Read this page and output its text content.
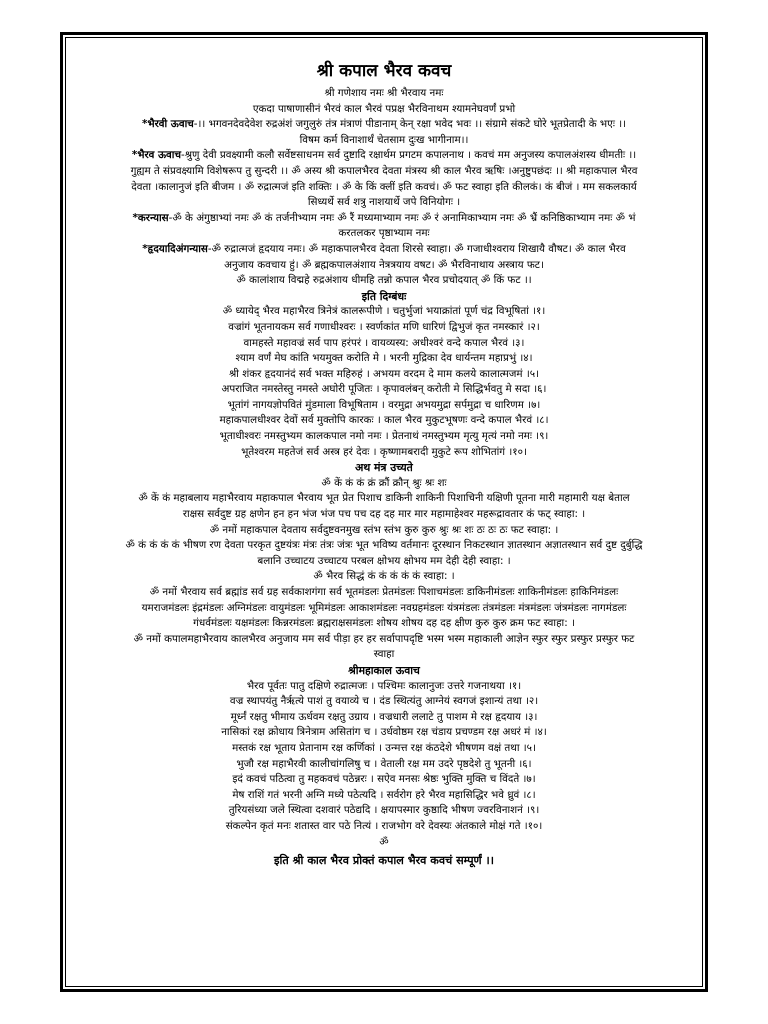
श्री कपाल भैरव कवच
श्री गणेशाय नमः श्री भैरवाय नमः
एकदा पाषाणासीनं भैरवं काल भैरवं पप्रक्ष भैरविनाथम श्यामनेघवर्णं प्रभो
*भैरवी ऊवाच-।। भगवनदेवदेवेश रुद्रअंशं जगुलुरुं तंत्र मंत्राणं पीडानाम् केन् रक्षा भवेद भवः ।। संग्रामे संकटे घोरे भूतप्रेतादी के भएः ।।
विषम कर्म विनाशार्थं चेतसाम दुःख भागीनाम।।
*भैरव ऊवाच-श्रुणु देवी प्रवक्ष्यामी कलौ सर्वेष्टसाधनम सर्व दुष्टादि रक्षार्थम प्रगटम कपालनाथ । कवचं मम अनुजस्य कपालअंशस्य धीमतीः ।।
गुह्यम ते संप्रवक्ष्यामि विशेषरूप तु सुन्दरी ।। ॐ अस्य श्री कपालभैरव देवता मंत्रस्य श्री काल भैरव ऋषिः ।अनुष्टुपछंदः ।। श्री महाकपाल भैरव
देवता ।कालानुजं इति बीजम । ॐ रुद्रात्मजं इति शक्तिः । ॐ के किं क्लीं इति कवचं। ॐ फट स्वाहा इति कीलकं। कं बीजं । मम सकलकार्य
सिध्यर्थे सर्व शत्रु नाशयार्थे जपे विनियोगः ।
*करन्यास-ॐ के अंगुष्ठाभ्यां नमः ॐ कं तर्जनीभ्याम नमः ॐ रैं मध्यमाभ्याम नमः ॐ रं अनामिकाभ्याम नमः ॐ भ्रैं कनिष्ठिकाभ्याम नमः ॐ भं
करतलकर पृष्ठाभ्याम नमः
*हृदयादिअंगन्यास-ॐ रुद्रात्मजं हृदयाय नमः। ॐ महाकपालभैरव देवता शिरसे स्वाहा। ॐ गजाधीश्वराय शिखायै वौषट। ॐ काल भैरव
अनुजाय कवचाय हुं। ॐ ब्रह्मकपालअंशाय नेत्रत्रयाय वषट। ॐ भैरविनाथाय अस्त्राय फट।
ॐ कालांशाय विद्महे रुद्रअंशाय धीमहि तन्नो कपाल भैरव प्रचोदयात् ॐ किं फट ।।
इति दिग्बंधः
ॐ ध्यायेद् भैरव महाभैरव त्रिनेत्रं कालरूपीणे । चतुर्भुजां भयाक्रांतां पूर्ण चंद्र विभूषितां ।१।
वज्रांगं भूतनायकम सर्व गणाधीश्वरः । स्वर्णकांत मणि धारिणं द्विभुजं कृत नमस्कारं ।२।
वामहस्ते महावज्रं सर्व पाप हरंपरं । वायव्यस्य: अधीश्वरं वन्दे कपाल भैरवं ।३।
श्याम वर्णं मेघ कांति भयमुक्त करोति मे । भरनी मुद्रिका देव धार्यन्तम महाप्रभुं ।४।
श्री शंकर हृदयानंदं सर्व भक्त महिरुहं । अभयम वरदम दे माम कलये कालात्मजमं ।५।
अपराजित नमस्तेस्तु नमस्ते अघोरी पूजितः । कृपावलंबन् करोती मे सिद्धिर्भवतु मे सदा ।६।
भूतांगं नागयज्ञोपवितं मुंडमाला विभूषिताम । वरमुद्रा अभयमुद्रा सर्पमुद्रा च धारिणम ।७।
महाकपालधीश्वर देवों सर्व मुक्तोपि कारकः । काल भैरव मुकुटभूषणः वन्दे कपाल भैरवं ।८।
भूताधीश्वरः नमस्तुभ्यम कालकपाल नमो नमः । प्रेतनाथं नमस्तुभ्यम मृत्यु मृत्यं नमो नमः ।९।
भूतेश्वरम महतेजं सर्व अस्त्र हरं देवः । कृष्णामबरादी मुकुटे रूप शोभितांगं ।१०।
अथ मंत्र उच्यते
ॐ कें कं कं क्रं क्रौं क्रौन् श्रुः श्रः शः
ॐ कें कं महाबलाय महाभैरवाय महाकपाल भैरवाय भूत प्रेत पिशाच डाकिनी शाकिनी पिशाचिनी यक्षिणी पूतना मारी महामारी यक्ष बेताल
राक्षस सर्वदुष्ट ग्रह क्षणेन हन हन भंज भंज पच पच दह दह मार मार महामाहेश्वर महरूद्रावतार कं फट् स्वाहा: ।
ॐ नमों महाकपाल देवताय सर्वदुष्टवनमुख स्तंभ स्तंभ कुरु कुरु श्रुः श्रः शः ठः ठः ठः फट स्वाहा: ।
ॐ कं कं कं कं भीषण रण देवता परकृत दुष्टयंत्रः मंत्रः तंत्रः जंत्रः भूत भविष्य वर्तमानः दूरस्थान निकटस्थान ज्ञातस्थान अज्ञातस्थान सर्व दुष्ट दुर्बुद्धि
बलानि उच्चाटय उच्चाटय परबल क्षोभय क्षोभय मम देही देही स्वाहा: ।
ॐ भैरव सिद्धं कं कं कं कं कं स्वाहा: ।
ॐ नमों भैरवाय सर्व ब्रह्मांड सर्व ग्रह सर्वकाशगंगा सर्व भूतमंडलः प्रेतमंडलः पिशाचमंडलः डाकिनीमंडलः शाकिनीमंडलः हाकिनिमंडलः
यमराजमंडलः इंद्रमंडलः अग्निमंडलः वायुमंडलः भूमिमंडलः आकाशमंडलः नवग्रहमंडलः यंत्रमंडलः तंत्रमंडलः मंत्रमंडलः जंत्रमंडलः नागमंडलः
गंधर्वमंडलः यक्षमंडलः किन्नरमंडलः ब्रह्मराक्षसमंडलः शोषय शोषय दह दह क्षीण कुरु कुरु क्रम फट स्वाहा: ।
ॐ नमों कपालमहाभैरवाय कालभैरव अनुजाय मम सर्व पीड़ा हर हर सर्वापापदृष्टि भस्म भस्म महाकाली आज्ञेन स्फुर स्फुर प्रस्फुर प्रस्फुर फट
स्वाहा
श्रीमहाकाल ऊवाच
भैरव पूर्वतः पातु दक्षिणे रुद्रात्मजः । पश्चिमः कालानुजः उत्तरे गजनाथया ।१।
वज्र स्थापयंतु नैरृत्ये पाशं तु वयाव्ये च । दंड स्थित्यंतु आग्नेयं स्वगजं इशान्यं तथा ।२।
मूर्ध्नं रक्षतु भीमाय ऊर्धवम रक्षतु उग्राय । वज्रधारी ललाटे तु पाशम मे रक्ष हृदयाय ।३।
नासिकां रक्ष क्रोधाय त्रिनेत्राम असितांग च । उर्धवोष्ठम रक्ष चंडाय प्रचण्डम रक्ष अधरं मं ।४।
मस्तकं रक्ष भूताय प्रेतानाम रक्ष कर्णिकां । उन्मत्त रक्ष कंठदेशे भीषणम वक्षं तथा ।५।
भुजौ रक्ष महाभैरवी कालीचांगलिषु च । वेताली रक्ष मम उदरे पृष्ठदेशे तु भूतनी ।६।
इदं कवचं पठित्वा तु महकवचं पठेन्नरः । सऐव मनसः श्रेष्ठः भुक्ति मुक्ति च विंदते ।७।
मेष राशिं गतं भरनी अग्नि मध्ये पठेत्यदि । सर्वरोग हरे भैरव महासिद्धिर भवे ध्रुवं ।८।
तुरियसंध्या जले स्थित्वा दशवारं पठेद्यदि । क्षयापस्मार कुष्ठादि भीषण ज्वरविनाशनं ।९।
संकल्पेन कृतं मनः शतास्त वार पठे नित्यं । राजभोग वरे देवस्यः अंतकाले मोक्षं गते ।१०।
ॐ
इति श्री काल भैरव प्रोक्तं कपाल भैरव कवचं सम्पूर्णं ।।
